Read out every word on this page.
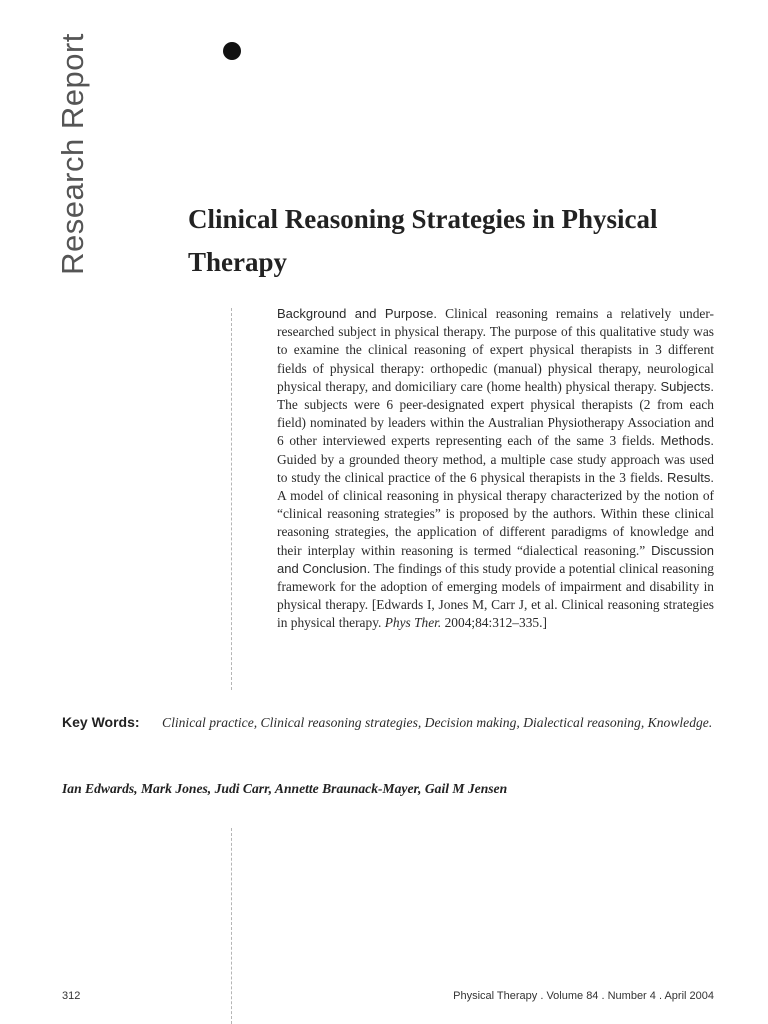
Research Report	Clinical Reasoning Strategies in Physical Therapy

Background and Purpose. Clinical reasoning remains a relatively under-researched subject in physical therapy. The purpose of this qualitative study was to examine the clinical reasoning of expert physical therapists in 3 different fields of physical therapy: orthopedic (manual) physical therapy, neurological physical therapy, and domiciliary care (home health) physical therapy. Subjects. The subjects were 6 peer-designated expert physical therapists (2 from each field) nominated by leaders within the Australian Physiotherapy Association and 6 other interviewed experts representing each of the same 3 fields. Methods. Guided by a grounded theory method, a multiple case study approach was used to study the clinical practice of the 6 physical therapists in the 3 fields. Results. A model of clinical reasoning in physical therapy characterized by the notion of “clinical reasoning strategies” is proposed by the authors. Within these clinical reasoning strategies, the application of different paradigms of knowledge and their interplay within reasoning is termed “dialectical reasoning.” Discussion and Conclusion. The findings of this study provide a potential clinical reasoning framework for the adoption of emerging models of impairment and disability in physical therapy. [Edwards I, Jones M, Carr J, et al. Clinical reasoning strategies in physical therapy. Phys Ther. 2004;84:312–335.]

Key Words: Clinical practice, Clinical reasoning strategies, Decision making, Dialectical reasoning, Knowledge.
Ian Edwards, Mark Jones, Judi Carr, Annette Braunack-Mayer, Gail M Jensen
312	Physical Therapy . Volume 84 . Number 4 . April 2004
